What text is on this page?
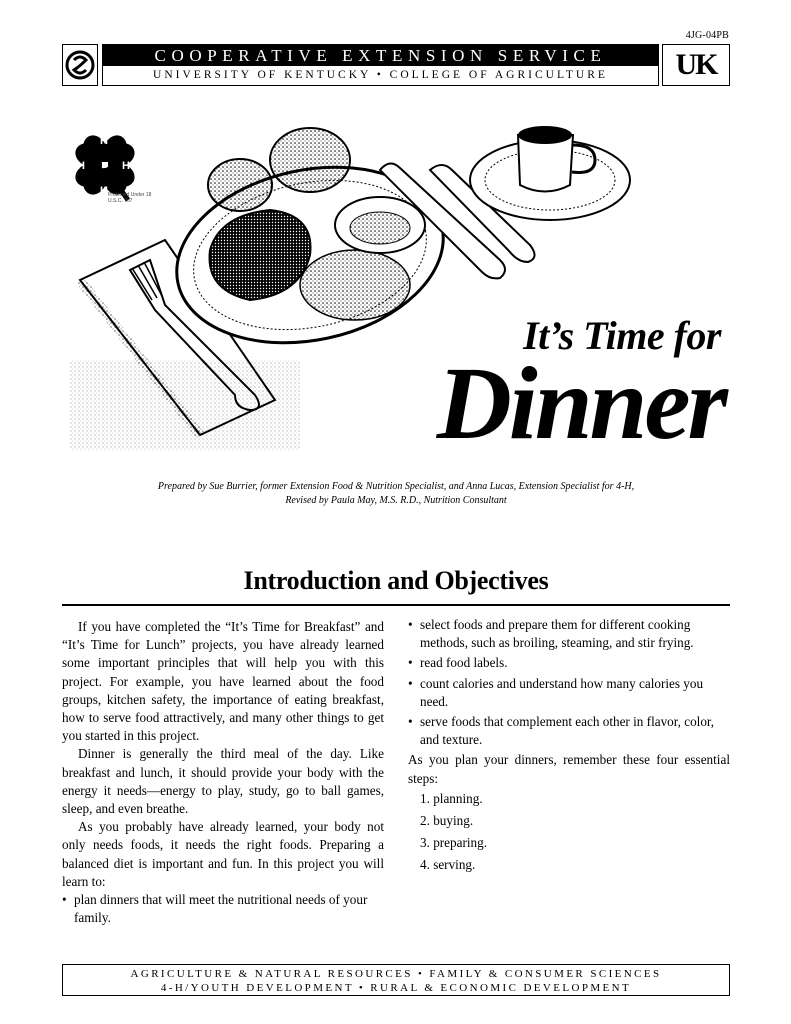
4JG-04PB
COOPERATIVE EXTENSION SERVICE
UNIVERSITY OF KENTUCKY • COLLEGE OF AGRICULTURE	UK
H
H
H
H
Protected Under 18 U.S.C. 707
It’s Time for
Dinner
Prepared by Sue Burrier, former Extension Food & Nutrition Specialist, and Anna Lucas, Extension Specialist for 4-H,
Revised by Paula May, M.S. R.D., Nutrition Consultant
Introduction and Objectives

If you have completed the “It’s Time for Breakfast” and “It’s Time for Lunch” projects, you have already learned some important principles that will help you with this project. For example, you have learned about the food groups, kitchen safety, the importance of eating breakfast, how to serve food attractively, and many other things to get you started in this project.

Dinner is generally the third meal of the day. Like breakfast and lunch, it should provide your body with the energy it needs—energy to play, study, go to ball games, sleep, and even breathe.

As you probably have already learned, your body not only needs foods, it needs the right foods. Preparing a balanced diet is important and fun. In this project you will learn to:

• plan dinners that will meet the nutritional needs of your family.
• select foods and prepare them for different cooking methods, such as broiling, steaming, and stir frying.
• read food labels.
• count calories and understand how many calories you need.
• serve foods that complement each other in flavor, color, and texture.

As you plan your dinners, remember these four essential steps:

1. planning.
2. buying.
3. preparing.
4. serving.
AGRICULTURE & NATURAL RESOURCES • FAMILY & CONSUMER SCIENCES
4-H/YOUTH DEVELOPMENT • RURAL & ECONOMIC DEVELOPMENT
